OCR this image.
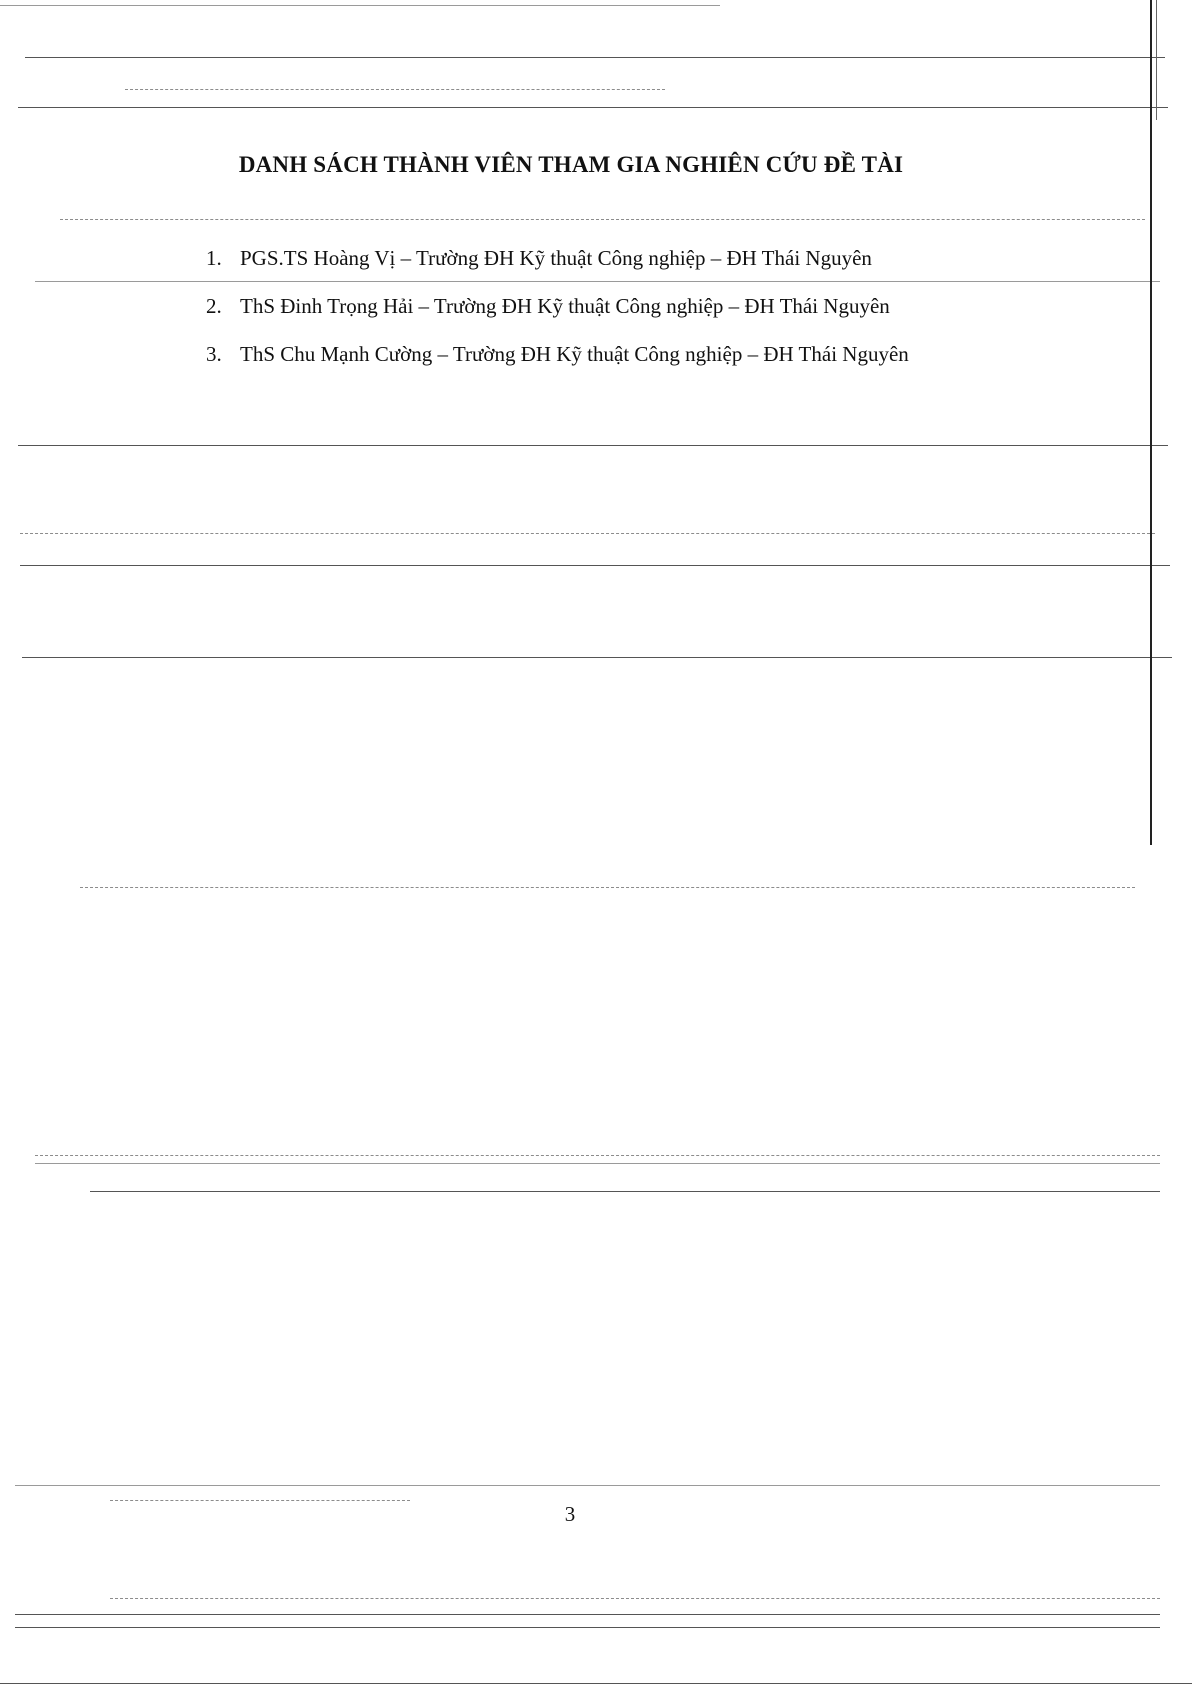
DANH SÁCH THÀNH VIÊN THAM GIA NGHIÊN CỨU ĐỀ TÀI
1. PGS.TS Hoàng Vị – Trường ĐH Kỹ thuật Công nghiệp – ĐH Thái Nguyên
2. ThS Đinh Trọng Hải – Trường ĐH Kỹ thuật Công nghiệp – ĐH Thái Nguyên
3. ThS Chu Mạnh Cường – Trường ĐH Kỹ thuật Công nghiệp – ĐH Thái Nguyên
3
